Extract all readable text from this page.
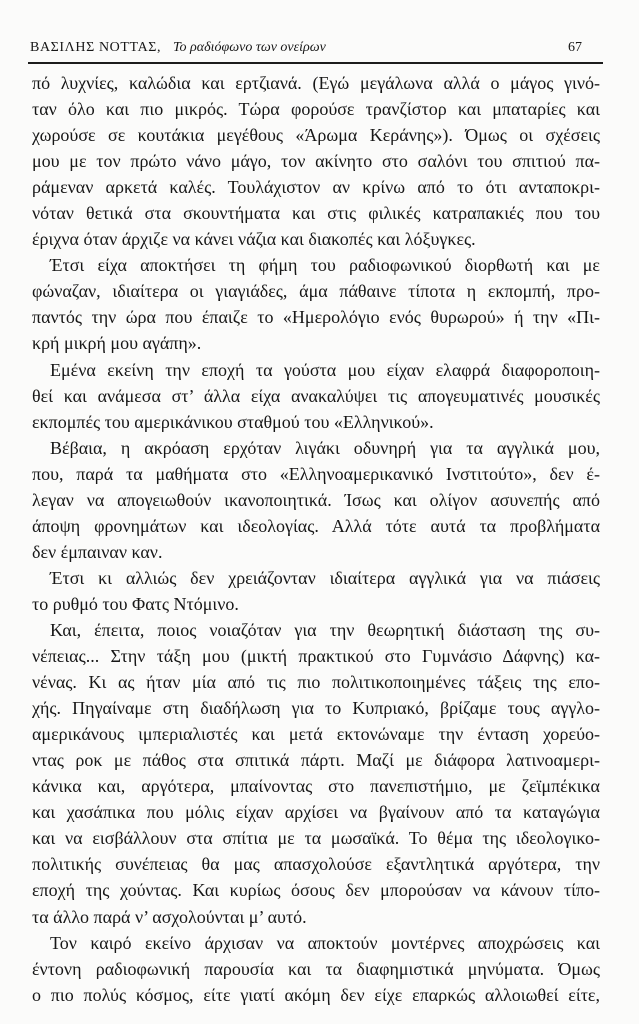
ΒΑΣΙΛΗΣ ΝΟΤΤΑΣ, Το ραδιόφωνο των ονείρων	67
πό λυχνίες, καλώδια και ερτζιανά. (Εγώ μεγάλωνα αλλά ο μάγος γινό-
ταν όλο και πιο μικρός. Τώρα φορούσε τρανζίστορ και μπαταρίες και
χωρούσε σε κουτάκια μεγέθους «Άρωμα Κεράνης»). Όμως οι σχέσεις
μου με τον πρώτο νάνο μάγο, τον ακίνητο στο σαλόνι του σπιτιού πα-
ράμεναν αρκετά καλές. Τουλάχιστον αν κρίνω από το ότι ανταποκρι-
νόταν θετικά στα σκουντήματα και στις φιλικές κατραπακιές που του
έριχνα όταν άρχιζε να κάνει νάζια και διακοπές και λόξυγκες.
Έτσι είχα αποκτήσει τη φήμη του ραδιοφωνικού διορθωτή και με
φώναζαν, ιδιαίτερα οι γιαγιάδες, άμα πάθαινε τίποτα η εκπομπή, προ-
παντός την ώρα που έπαιζε το «Ημερολόγιο ενός θυρωρού» ή την «Πι-
κρή μικρή μου αγάπη».
Εμένα εκείνη την εποχή τα γούστα μου είχαν ελαφρά διαφοροποιη-
θεί και ανάμεσα στ’ άλλα είχα ανακαλύψει τις απογευματινές μουσικές
εκπομπές του αμερικάνικου σταθμού του «Ελληνικού».
Βέβαια, η ακρόαση ερχόταν λιγάκι οδυνηρή για τα αγγλικά μου,
που, παρά τα μαθήματα στο «Ελληνοαμερικανικό Ινστιτούτο», δεν έ-
λεγαν να απογειωθούν ικανοποιητικά. Ίσως και ολίγον ασυνεπής από
άποψη φρονημάτων και ιδεολογίας. Αλλά τότε αυτά τα προβλήματα
δεν έμπαιναν καν.
Έτσι κι αλλιώς δεν χρειάζονταν ιδιαίτερα αγγλικά για να πιάσεις
το ρυθμό του Φατς Ντόμινο.
Και, έπειτα, ποιος νοιαζόταν για την θεωρητική διάσταση της συ-
νέπειας... Στην τάξη μου (μικτή πρακτικού στο Γυμνάσιο Δάφνης) κα-
νένας. Κι ας ήταν μία από τις πιο πολιτικοποιημένες τάξεις της επο-
χής. Πηγαίναμε στη διαδήλωση για το Κυπριακό, βρίζαμε τους αγγλο-
αμερικάνους ιμπεριαλιστές και μετά εκτονώναμε την ένταση χορεύο-
ντας ροκ με πάθος στα σπιτικά πάρτι. Μαζί με διάφορα λατινοαμερι-
κάνικα και, αργότερα, μπαίνοντας στο πανεπιστήμιο, με ζεϊμπέκικα
και χασάπικα που μόλις είχαν αρχίσει να βγαίνουν από τα καταγώγια
και να εισβάλλουν στα σπίτια με τα μωσαϊκά. Το θέμα της ιδεολογικο-
πολιτικής συνέπειας θα μας απασχολούσε εξαντλητικά αργότερα, την
εποχή της χούντας. Και κυρίως όσους δεν μπορούσαν να κάνουν τίπο-
τα άλλο παρά ν’ ασχολούνται μ’ αυτό.
Τον καιρό εκείνο άρχισαν να αποκτούν μοντέρνες αποχρώσεις και
έντονη ραδιοφωνική παρουσία και τα διαφημιστικά μηνύματα. Όμως
ο πιο πολύς κόσμος, είτε γιατί ακόμη δεν είχε επαρκώς αλλοιωθεί είτε,
